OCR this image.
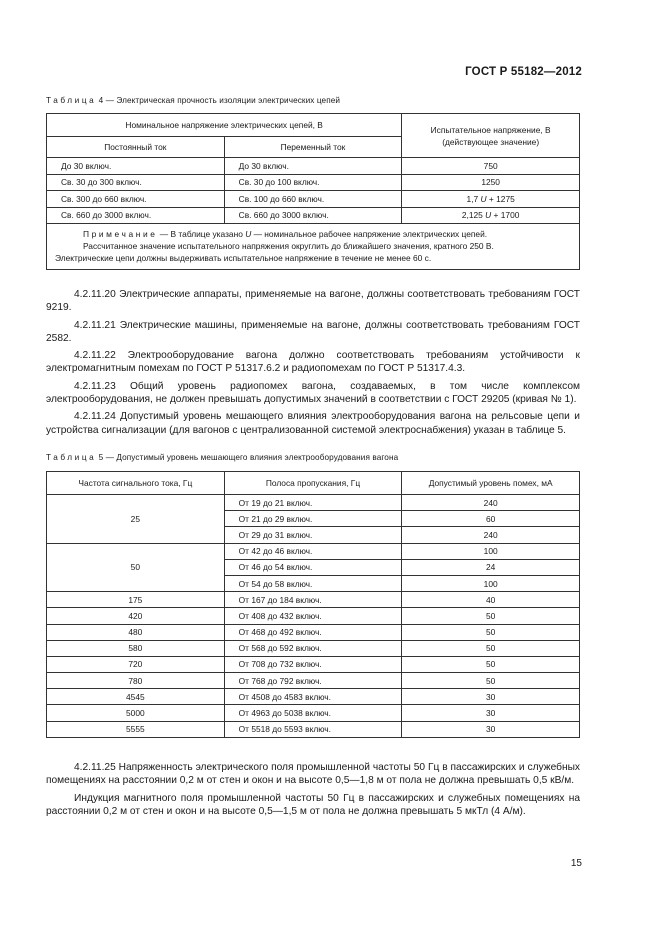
ГОСТ Р 55182—2012
Таблица 4 — Электрическая прочность изоляции электрических цепей
Номинальное напряжение электрических цепей, В		Испытательное напряжение, В
(действующее значение)
Постоянный ток	Переменный ток	
До 30 включ.	До 30 включ.	750
Св. 30 до 300 включ.	Св. 30 до 100 включ.	1250
Св. 300 до 660 включ.	Св. 100 до 660 включ.	1,7 U + 1275
Св. 660 до 3000 включ.	Св. 660 до 3000 включ.	2,125 U + 1700

Примечание — В таблице указано U — номинальное рабочее напряжение электрических цепей.

Рассчитанное значение испытательного напряжения округлить до ближайшего значения, кратного 250 В.

Электрические цепи должны выдерживать испытательное напряжение в течение не менее 60 с.		

4.2.11.20 Электрические аппараты, применяемые на вагоне, должны соответствовать требованиям ГОСТ 9219.

4.2.11.21 Электрические машины, применяемые на вагоне, должны соответствовать требованиям ГОСТ 2582.

4.2.11.22 Электрооборудование вагона должно соответствовать требованиям устойчивости к электромагнитным помехам по ГОСТ Р 51317.6.2 и радиопомехам по ГОСТ Р 51317.4.3.

4.2.11.23 Общий уровень радиопомех вагона, создаваемых, в том числе комплексом электрооборудования, не должен превышать допустимых значений в соответствии с ГОСТ 29205 (кривая № 1).

4.2.11.24 Допустимый уровень мешающего влияния электрооборудования вагона на рельсовые цепи и устройства сигнализации (для вагонов с централизованной системой электроснабжения) указан в таблице 5.

Таблица 5 — Допустимый уровень мешающего влияния электрооборудования вагона
Частота сигнального тока, Гц	Полоса пропускания, Гц	Допустимый уровень помех, мА
25	От 19 до 21 включ.	240
	От 21 до 29 включ.	60
	От 29 до 31 включ.	240
50	От 42 до 46 включ.	100
	От 46 до 54 включ.	24
	От 54 до 58 включ.	100
175	От 167 до 184 включ.	40
420	От 408 до 432 включ.	50
480	От 468 до 492 включ.	50
580	От 568 до 592 включ.	50
720	От 708 до 732 включ.	50
780	От 768 до 792 включ.	50
4545	От 4508 до 4583 включ.	30
5000	От 4963 до 5038 включ.	30
5555	От 5518 до 5593 включ.	30

4.2.11.25 Напряженность электрического поля промышленной частоты 50 Гц в пассажирских и служебных помещениях на расстоянии 0,2 м от стен и окон и на высоте 0,5—1,8 м от пола не должна превышать 0,5 кВ/м.

Индукция магнитного поля промышленной частоты 50 Гц в пассажирских и служебных помещениях на расстоянии 0,2 м от стен и окон и на высоте 0,5—1,5 м от пола не должна превышать 5 мкТл (4 А/м).

15
